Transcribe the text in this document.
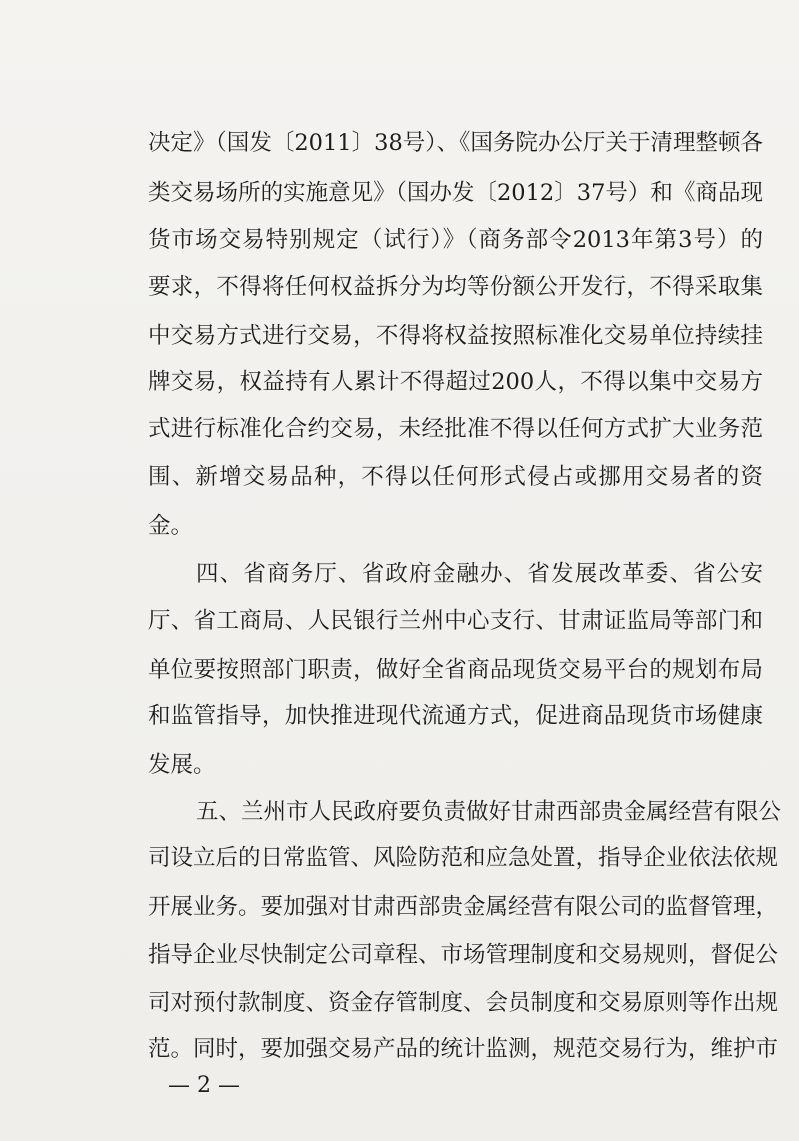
决定》（国发〔2011〕38号）、《国务院办公厅关于清理整顿各
类交易场所的实施意见》（国办发〔2012〕37号）和《商品现
货市场交易特别规定（试行）》（商务部令2013年第3号）的
要求，不得将任何权益拆分为均等份额公开发行，不得采取集
中交易方式进行交易，不得将权益按照标准化交易单位持续挂
牌交易，权益持有人累计不得超过200人，不得以集中交易方
式进行标准化合约交易，未经批准不得以任何方式扩大业务范
围、新增交易品种，不得以任何形式侵占或挪用交易者的资
金。
四、省商务厅、省政府金融办、省发展改革委、省公安
厅、省工商局、人民银行兰州中心支行、甘肃证监局等部门和
单位要按照部门职责，做好全省商品现货交易平台的规划布局
和监管指导，加快推进现代流通方式，促进商品现货市场健康
发展。
五、兰州市人民政府要负责做好甘肃西部贵金属经营有限公
司设立后的日常监管、风险防范和应急处置，指导企业依法依规
开展业务。要加强对甘肃西部贵金属经营有限公司的监督管理，
指导企业尽快制定公司章程、市场管理制度和交易规则，督促公
司对预付款制度、资金存管制度、会员制度和交易原则等作出规
范。同时，要加强交易产品的统计监测，规范交易行为，维护市
— 2 —
